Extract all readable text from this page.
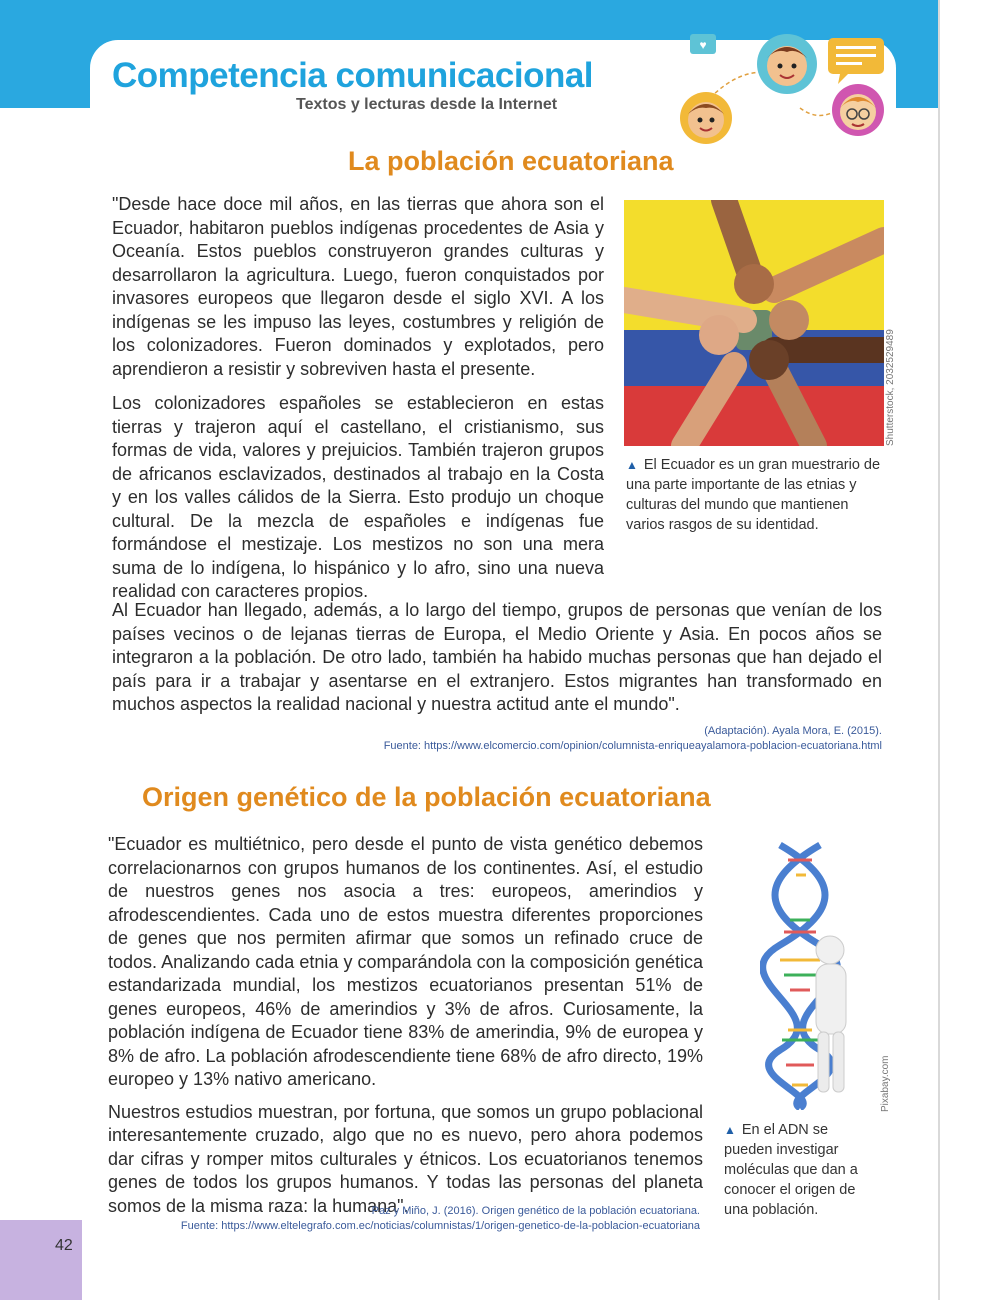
Competencia comunicacional
Textos y lecturas desde la Internet
♥
La población ecuatoriana

"Desde hace doce mil años, en las tierras que ahora son el Ecuador, habitaron pueblos indígenas procedentes de Asia y Oceanía. Estos pueblos construyeron grandes culturas y desarrollaron la agricultura. Luego, fueron conquistados por invasores europeos que llegaron desde el siglo XVI. A los indígenas se les impuso las leyes, costumbres y religión de los colonizadores. Fueron dominados y explotados, pero aprendieron a resistir y sobreviven hasta el presente.

Los colonizadores españoles se establecieron en estas tierras y trajeron aquí el castellano, el cristianismo, sus formas de vida, valores y prejuicios. También trajeron grupos de africanos esclavizados, destinados al trabajo en la Costa y en los valles cálidos de la Sierra. Esto produjo un choque cultural. De la mezcla de españoles e indígenas fue formándose el mestizaje. Los mestizos no son una mera suma de lo indígena, lo hispánico y lo afro, sino una nueva realidad con caracteres propios.

Al Ecuador han llegado, además, a lo largo del tiempo, grupos de personas que venían de los países vecinos o de lejanas tierras de Europa, el Medio Oriente y Asia. En pocos años se integraron a la población. De otro lado, también ha habido muchas personas que han dejado el país para ir a trabajar y asentarse en el extranjero. Estos migrantes han transformado en muchos aspectos la realidad nacional y nuestra actitud ante el mundo".

Shutterstock, 2032529489
▲ El Ecuador es un gran muestrario de una parte importante de las etnias y culturas del mundo que mantienen varios rasgos de su identidad.
(Adaptación). Ayala Mora, E. (2015).
Fuente: https://www.elcomercio.com/opinion/columnista-enriqueayalamora-poblacion-ecuatoriana.html
Origen genético de la población ecuatoriana

"Ecuador es multiétnico, pero desde el punto de vista genético debemos correlacionarnos con grupos humanos de los continentes. Así, el estudio de nuestros genes nos asocia a tres: europeos, amerindios y afrodescendientes. Cada uno de estos muestra diferentes proporciones de genes que nos permiten afirmar que somos un refinado cruce de todos. Analizando cada etnia y comparándola con la composición genética estandarizada mundial, los mestizos ecuatorianos presentan 51% de genes europeos, 46% de amerindios y 3% de afros. Curiosamente, la población indígena de Ecuador tiene 83% de amerindia, 9% de europea y 8% de afro. La población afrodescendiente tiene 68% de afro directo, 19% europeo y 13% nativo americano.

Nuestros estudios muestran, por fortuna, que somos un grupo poblacional interesantemente cruzado, algo que no es nuevo, pero ahora podemos dar cifras y romper mitos culturales y étnicos. Los ecuatorianos tenemos genes de todos los grupos humanos. Y todas las personas del planeta somos de la misma raza: la humana".

Paz y Miño, J. (2016). Origen genético de la población ecuatoriana.
Fuente: https://www.eltelegrafo.com.ec/noticias/columnistas/1/origen-genetico-de-la-poblacion-ecuatoriana
Pixabay.com
▲ En el ADN se pueden investigar moléculas que dan a conocer el origen de una población.
42
